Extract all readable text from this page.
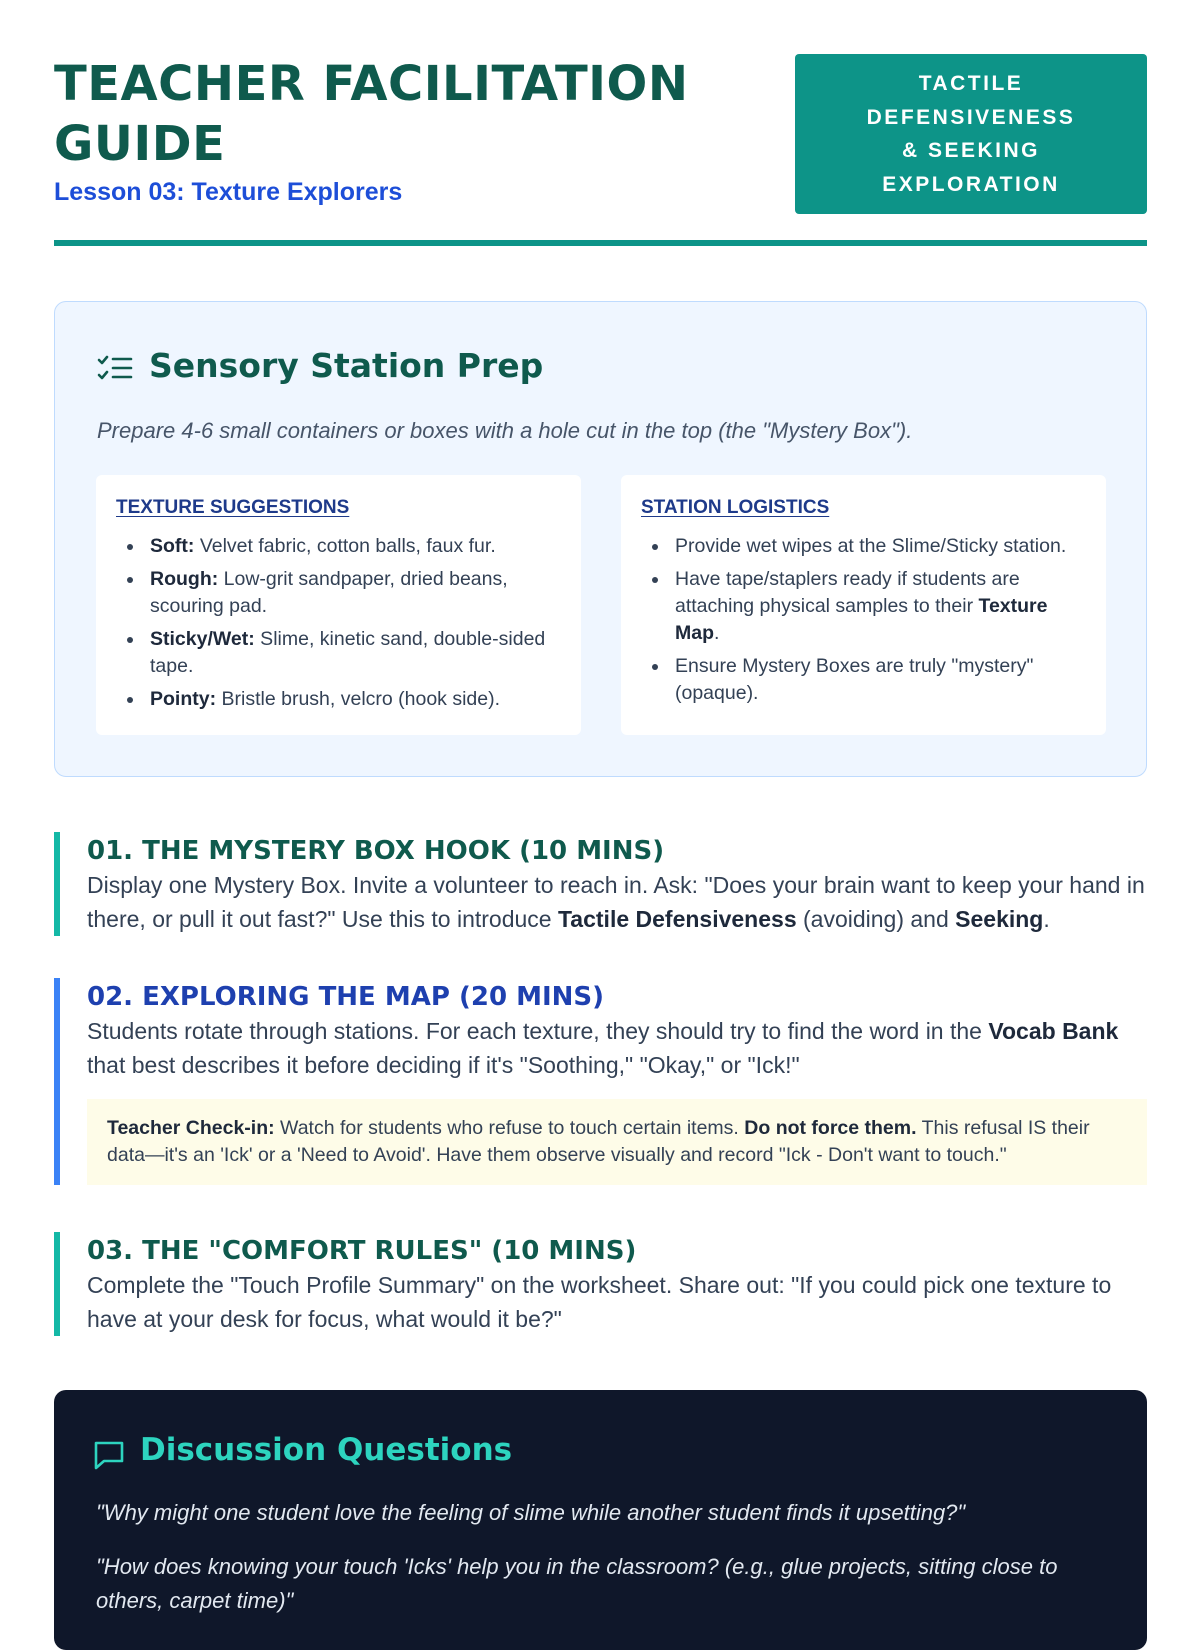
TEACHER FACILITATION
GUIDE
Lesson 03: Texture Explorers
TACTILE
DEFENSIVENESS
& SEEKING
EXPLORATION
Sensory Station Prep
Prepare 4-6 small containers or boxes with a hole cut in the top (the "Mystery Box").
TEXTURE SUGGESTIONS
Soft: Velvet fabric, cotton balls, faux fur.
Rough: Low-grit sandpaper, dried beans, scouring pad.
Sticky/Wet: Slime, kinetic sand, double-sided tape.
Pointy: Bristle brush, velcro (hook side).
STATION LOGISTICS
Provide wet wipes at the Slime/Sticky station.
Have tape/staplers ready if students are attaching physical samples to their Texture Map.
Ensure Mystery Boxes are truly "mystery" (opaque).
01. THE MYSTERY BOX HOOK (10 MINS)
Display one Mystery Box. Invite a volunteer to reach in. Ask: "Does your brain want to keep your hand in there, or pull it out fast?" Use this to introduce Tactile Defensiveness (avoiding) and Seeking.
02. EXPLORING THE MAP (20 MINS)
Students rotate through stations. For each texture, they should try to find the word in the Vocab Bank that best describes it before deciding if it's "Soothing," "Okay," or "Ick!"
Teacher Check-in: Watch for students who refuse to touch certain items. Do not force them. This refusal IS their data—it's an 'Ick' or a 'Need to Avoid'. Have them observe visually and record "Ick - Don't want to touch."
03. THE "COMFORT RULES" (10 MINS)
Complete the "Touch Profile Summary" on the worksheet. Share out: "If you could pick one texture to have at your desk for focus, what would it be?"
Discussion Questions
"Why might one student love the feeling of slime while another student finds it upsetting?"
"How does knowing your touch 'Icks' help you in the classroom? (e.g., glue projects, sitting close to others, carpet time)"
